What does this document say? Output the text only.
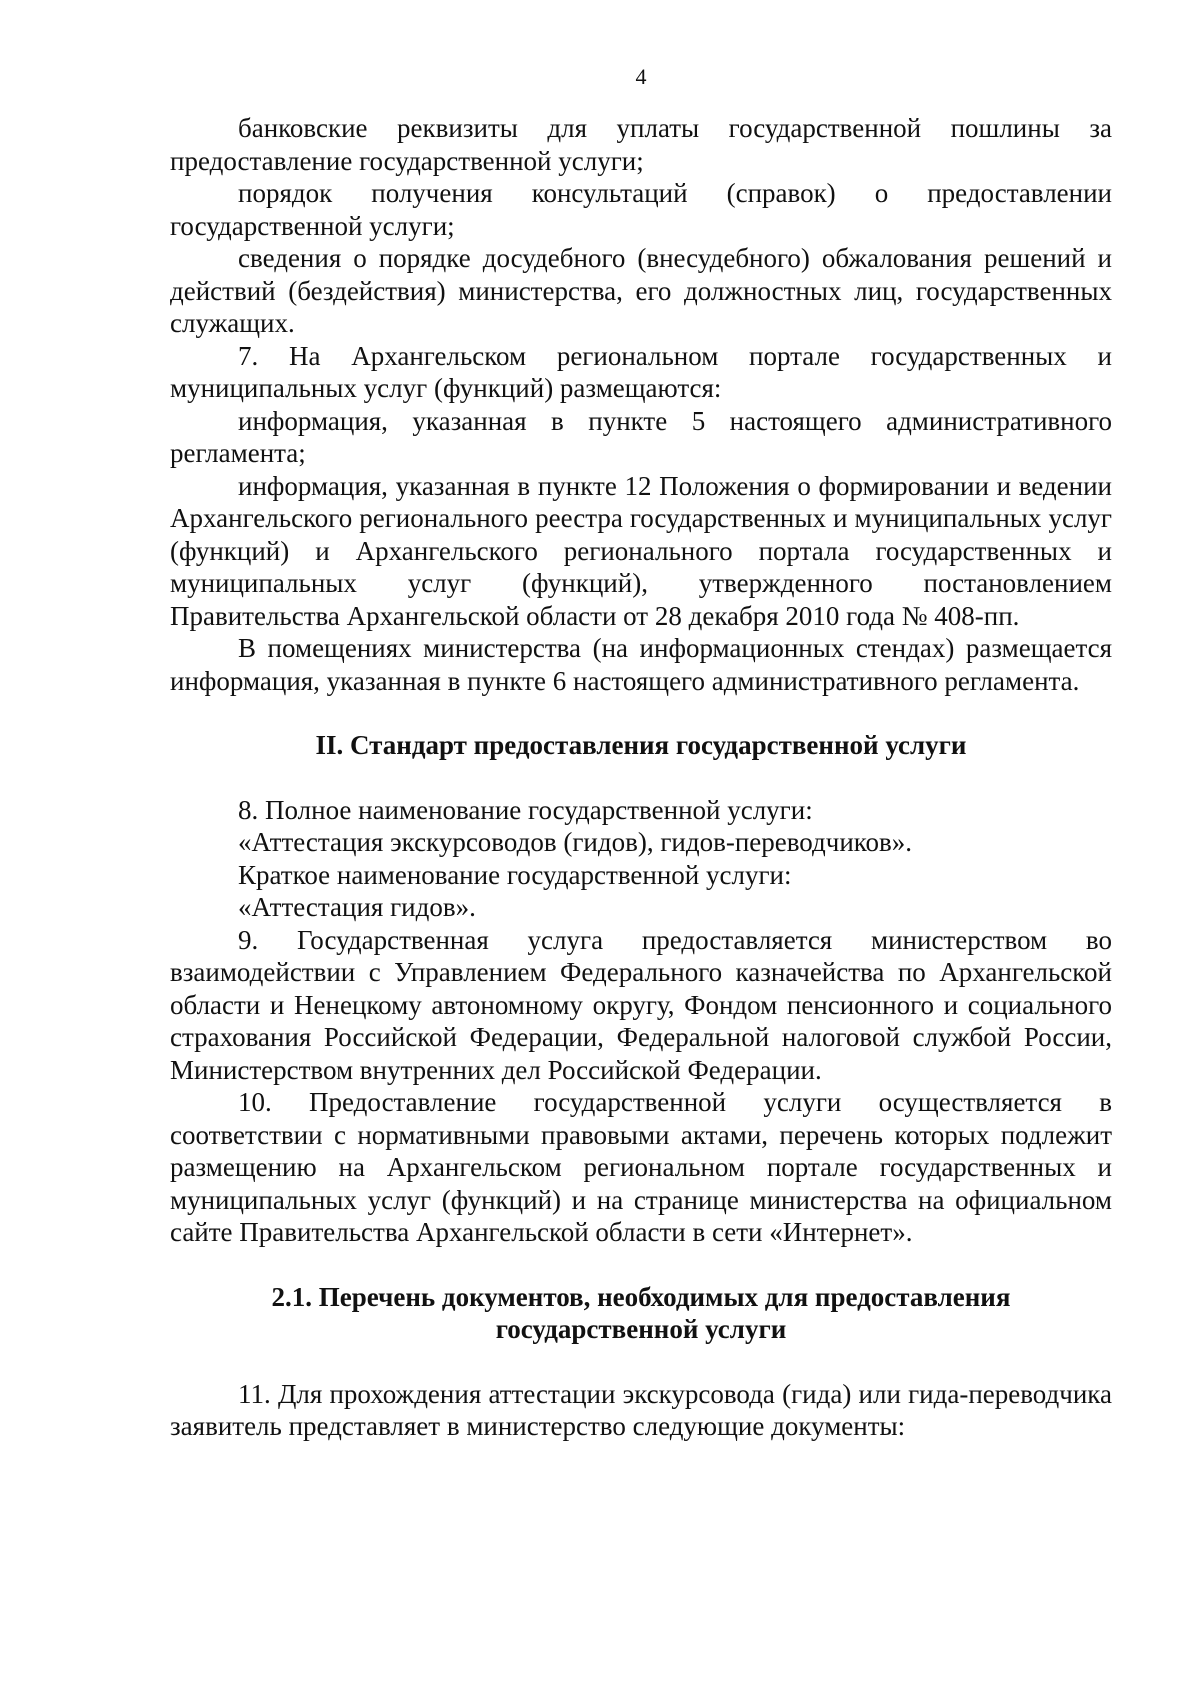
4

банковские реквизиты для уплаты государственной пошлины за предоставление государственной услуги;

порядок получения консультаций (справок) о предоставлении государственной услуги;

сведения о порядке досудебного (внесудебного) обжалования решений и действий (бездействия) министерства, его должностных лиц, государственных служащих.

7. На Архангельском региональном портале государственных и муниципальных услуг (функций) размещаются:

информация, указанная в пункте 5 настоящего административного регламента;

информация, указанная в пункте 12 Положения о формировании и ведении Архангельского регионального реестра государственных и муниципальных услуг (функций) и Архангельского регионального портала государственных и муниципальных услуг (функций), утвержденного постановлением Правительства Архангельской области от 28 декабря 2010 года № 408-пп.

В помещениях министерства (на информационных стендах) размещается информация, указанная в пункте 6 настоящего административного регламента.

II. Стандарт предоставления государственной услуги

8. Полное наименование государственной услуги:

«Аттестация экскурсоводов (гидов), гидов-переводчиков».

Краткое наименование государственной услуги:

«Аттестация гидов».

9. Государственная услуга предоставляется министерством во взаимодействии с Управлением Федерального казначейства по Архангельской области и Ненецкому автономному округу, Фондом пенсионного и социального страхования Российской Федерации, Федеральной налоговой службой России, Министерством внутренних дел Российской Федерации.

10. Предоставление государственной услуги осуществляется в соответствии с нормативными правовыми актами, перечень которых подлежит размещению на Архангельском региональном портале государственных и муниципальных услуг (функций) и на странице министерства на официальном сайте Правительства Архангельской области в сети «Интернет».

2.1. Перечень документов, необходимых для предоставления
государственной услуги

11. Для прохождения аттестации экскурсовода (гида) или гида-переводчика заявитель представляет в министерство следующие документы:
